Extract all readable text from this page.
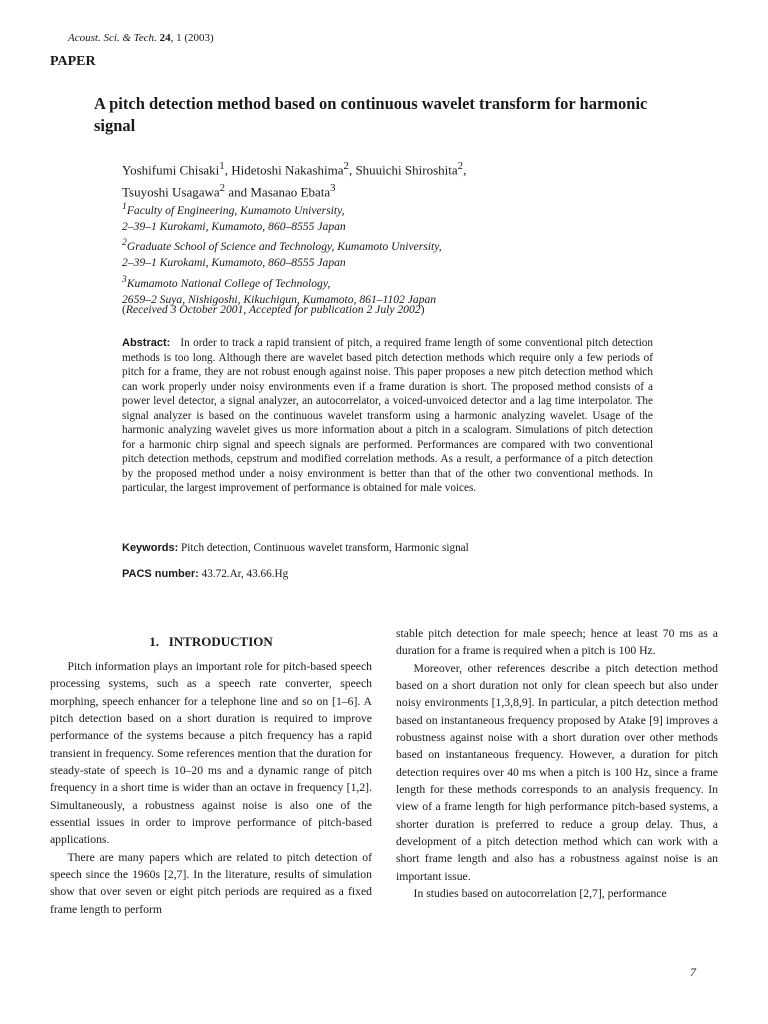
Acoust. Sci. & Tech. 24, 1 (2003)
PAPER
A pitch detection method based on continuous wavelet transform for harmonic signal
Yoshifumi Chisaki$^1$, Hidetoshi Nakashima$^2$, Shuuichi Shiroshita$^2$,
Tsuyoshi Usagawa$^2$ and Masanao Ebata$^3$
$^1$Faculty of Engineering, Kumamoto University,
2–39–1 Kurokami, Kumamoto, 860–8555 Japan
$^2$Graduate School of Science and Technology, Kumamoto University,
2–39–1 Kurokami, Kumamoto, 860–8555 Japan
$^3$Kumamoto National College of Technology,
2659–2 Suya, Nishigoshi, Kikuchigun, Kumamoto, 861–1102 Japan
(Received 3 October 2001, Accepted for publication 2 July 2002)
Abstract: In order to track a rapid transient of pitch, a required frame length of some conventional pitch detection methods is too long. Although there are wavelet based pitch detection methods which require only a few periods of pitch for a frame, they are not robust enough against noise. This paper proposes a new pitch detection method which can work properly under noisy environments even if a frame duration is short. The proposed method consists of a power level detector, a signal analyzer, an autocorrelator, a voiced-unvoiced detector and a lag time interpolator. The signal analyzer is based on the continuous wavelet transform using a harmonic analyzing wavelet. Usage of the harmonic analyzing wavelet gives us more information about a pitch in a scalogram. Simulations of pitch detection for a harmonic chirp signal and speech signals are performed. Performances are compared with two conventional pitch detection methods, cepstrum and modified correlation methods. As a result, a performance of a pitch detection by the proposed method under a noisy environment is better than that of the other two conventional methods. In particular, the largest improvement of performance is obtained for male voices.
Keywords: Pitch detection, Continuous wavelet transform, Harmonic signal
PACS number: 43.72.Ar, 43.66.Hg
1.   INTRODUCTION

Pitch information plays an important role for pitch-based speech processing systems, such as a speech rate converter, speech morphing, speech enhancer for a telephone line and so on [1–6]. A pitch detection based on a short duration is required to improve performance of the systems because a pitch frequency has a rapid transient in frequency. Some references mention that the duration for steady-state of speech is 10–20 ms and a dynamic range of pitch frequency in a short time is wider than an octave in frequency [1,2]. Simultaneously, a robustness against noise is also one of the essential issues in order to improve performance of pitch-based applications.

There are many papers which are related to pitch detection of speech since the 1960s [2,7]. In the literature, results of simulation show that over seven or eight pitch periods are required as a fixed frame length to perform

stable pitch detection for male speech; hence at least 70 ms as a duration for a frame is required when a pitch is 100 Hz.

Moreover, other references describe a pitch detection method based on a short duration not only for clean speech but also under noisy environments [1,3,8,9]. In particular, a pitch detection method based on instantaneous frequency proposed by Atake [9] improves a robustness against noise with a short duration over other methods based on instantaneous frequency. However, a duration for pitch detection requires over 40 ms when a pitch is 100 Hz, since a frame length for these methods corresponds to an analysis frequency. In view of a frame length for high performance pitch-based systems, a shorter duration is preferred to reduce a group delay. Thus, a development of a pitch detection method which can work with a short frame length and also has a robustness against noise is an important issue.

In studies based on autocorrelation [2,7], performance

7
